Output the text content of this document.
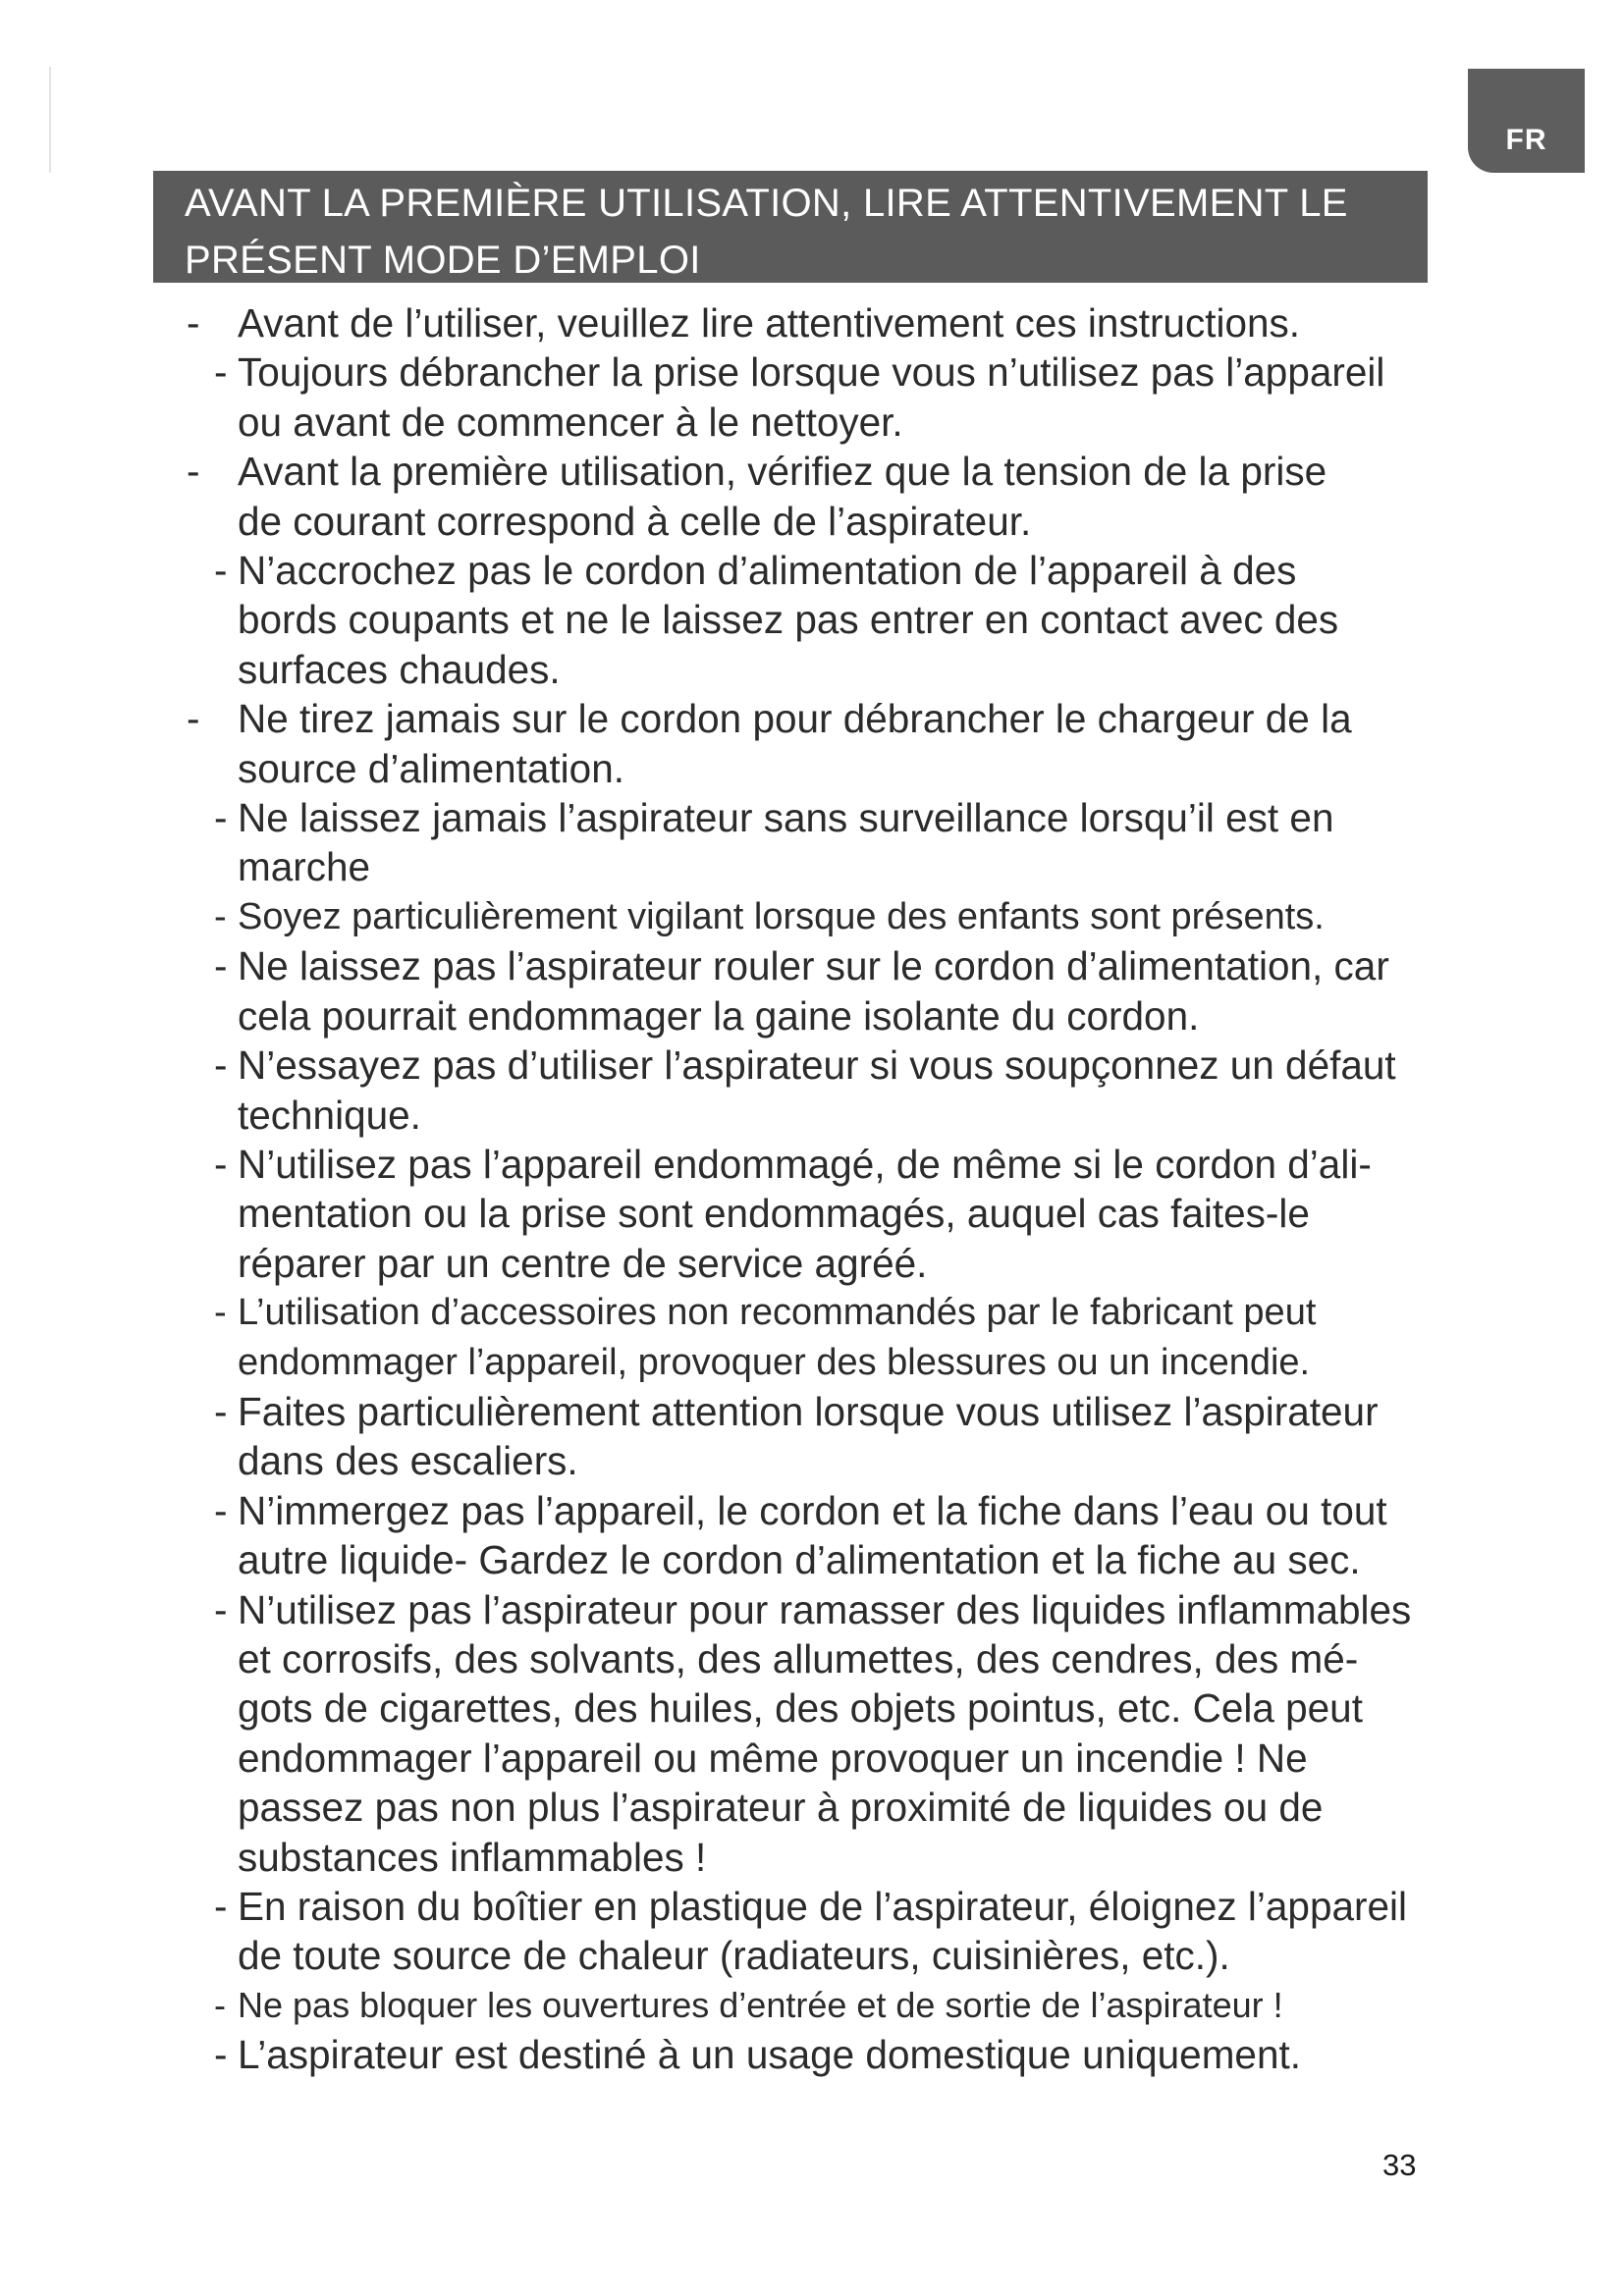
FR
AVANT LA PREMIÈRE UTILISATION, LIRE ATTENTIVEMENT LE
PRÉSENT MODE D’EMPLOI
- Avant de l’utiliser, veuillez lire attentivement ces instructions.
- Toujours débrancher la prise lorsque vous n’utilisez pas l’appareil
ou avant de commencer à le nettoyer.
- Avant la première utilisation, vérifiez que la tension de la prise
de courant correspond à celle de l’aspirateur.
- N’accrochez pas le cordon d’alimentation de l’appareil à des
bords coupants et ne le laissez pas entrer en contact avec des
surfaces chaudes.
- Ne tirez jamais sur le cordon pour débrancher le chargeur de la
source d’alimentation.
- Ne laissez jamais l’aspirateur sans surveillance lorsqu’il est en
marche
- Soyez particulièrement vigilant lorsque des enfants sont présents.
- Ne laissez pas l’aspirateur rouler sur le cordon d’alimentation, car
cela pourrait endommager la gaine isolante du cordon.
- N’essayez pas d’utiliser l’aspirateur si vous soupçonnez un défaut
technique.
- N’utilisez pas l’appareil endommagé, de même si le cordon d’ali-
mentation ou la prise sont endommagés, auquel cas faites-le
réparer par un centre de service agréé.
- L’utilisation d’accessoires non recommandés par le fabricant peut
endommager l’appareil, provoquer des blessures ou un incendie.
- Faites particulièrement attention lorsque vous utilisez l’aspirateur
dans des escaliers.
- N’immergez pas l’appareil, le cordon et la fiche dans l’eau ou tout
autre liquide- Gardez le cordon d’alimentation et la fiche au sec.
- N’utilisez pas l’aspirateur pour ramasser des liquides inflammables
et corrosifs, des solvants, des allumettes, des cendres, des mé-
gots de cigarettes, des huiles, des objets pointus, etc. Cela peut
endommager l’appareil ou même provoquer un incendie ! Ne
passez pas non plus l’aspirateur à proximité de liquides ou de
substances inflammables !
- En raison du boîtier en plastique de l’aspirateur, éloignez l’appareil
de toute source de chaleur (radiateurs, cuisinières, etc.).
- Ne pas bloquer les ouvertures d’entrée et de sortie de l’aspirateur !
- L’aspirateur est destiné à un usage domestique uniquement.
33
